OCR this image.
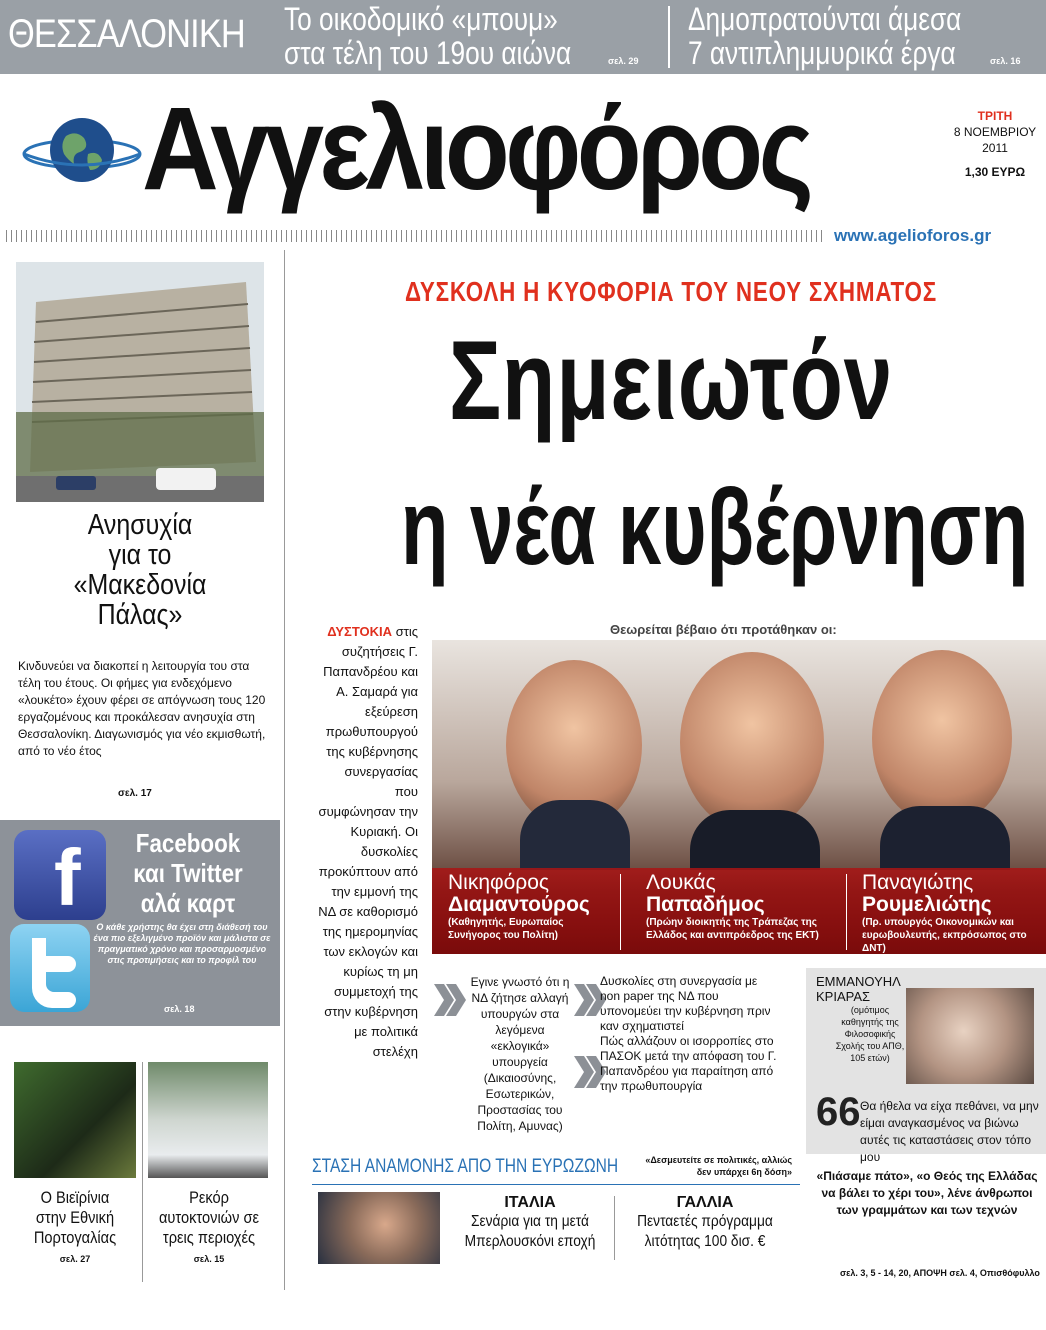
ΘΕΣΣΑΛΟΝΙΚΗ Το οικοδομικό «μπουμ»
στα τέλη του 19ου αιώνα	σελ. 29
Δημοπρατούνται άμεσα
7 αντιπλημμυρικά έργα	σελ. 16
Αγγελιοφόρος	ΤΡΙΤΗ
8 ΝΟΕΜΒΡΙΟΥ
2011
1,30 ΕΥΡΩ
www.agelioforos.gr
Ανησυχία
για το
«Μακεδονία
Πάλας»
Κινδυνεύει να διακοπεί η λειτουργία του στα τέλη του έτους. Οι φήμες για ενδεχόμενο «λουκέτο» έχουν φέρει σε απόγνωση τους 120 εργαζομένους και προκάλεσαν ανησυχία στη Θεσσαλονίκη. Διαγωνισμός για νέο εκμισθωτή, από το νέο έτος
σελ. 17
f	Facebook
και Twitter
αλά καρτ
Ο κάθε χρήστης θα έχει στη διάθεσή του ένα πιο εξελιγμένο προϊόν και μάλιστα σε πραγματικό χρόνο και προσαρμοσμένο στις προτιμήσεις και το προφίλ του
σελ. 18
Ο Βιεϊρίνια
στην Εθνική
Πορτογαλίας
σελ. 27
Ρεκόρ
αυτοκτονιών σε
τρεις περιοχές
σελ. 15
ΔΥΣΚΟΛΗ Η ΚΥΟΦΟΡΙΑ ΤΟΥ ΝΕΟΥ ΣΧΗΜΑΤΟΣ
Σημειωτόν
η νέα κυβέρνηση
ΔΥΣΤΟΚΙΑ στις συζητήσεις Γ. Παπανδρέου και Α. Σαμαρά για εξεύρεση πρωθυπουργού της κυβέρνησης συνεργασίας που συμφώνησαν την Κυριακή. Οι δυσκολίες προκύπτουν από την εμμονή της ΝΔ σε καθορισμό της ημερομηνίας των εκλογών και κυρίως τη μη συμμετοχή της στην κυβέρνηση με πολιτικά στελέχη
Θεωρείται βέβαιο ότι προτάθηκαν οι:
Νικηφόρος
Διαμαντούρος
(Καθηγητής, Ευρωπαίος Συνήγορος του Πολίτη)
Λουκάς
Παπαδήμος
(Πρώην διοικητής της Τράπεζας της Ελλάδος και αντιπρόεδρος της ΕΚΤ)
Παναγιώτης
Ρουμελιώτης
(Πρ. υπουργός Οικονομικών και ευρωβουλευτής, εκπρόσωπος στο ΔΝΤ)
Εγινε γνωστό ότι η ΝΔ ζήτησε αλλαγή υπουργών στα λεγόμενα «εκλογικά» υπουργεία (Δικαιοσύνης, Εσωτερικών, Προστασίας του Πολίτη, Αμυνας)
Δυσκολίες στη συνεργασία με non paper της ΝΔ που υπονομεύει την κυβέρνηση πριν καν σχηματιστεί
Πώς αλλάζουν οι ισορροπίες στο ΠΑΣΟΚ μετά την απόφαση του Γ. Παπανδρέου για παραίτηση από την πρωθυπουργία
ΕΜΜΑΝΟΥΗΛ
ΚΡΙΑΡΑΣ
(ομότιμος καθηγητής της Φιλοσοφικής Σχολής του ΑΠΘ, 105 ετών)
66 Θα ήθελα να είχα πεθάνει, να μην είμαι αναγκασμένος να βιώνω αυτές τις καταστάσεις στον τόπο μου
«Πιάσαμε πάτο», «ο Θεός της Ελλάδας να βάλει το χέρι του», λένε άνθρωποι των γραμμάτων και των τεχνών
ΣΤΑΣΗ ΑΝΑΜΟΝΗΣ ΑΠΟ ΤΗΝ ΕΥΡΩΖΩΝΗ	«Δεσμευτείτε σε πολιτικές, αλλιώς δεν υπάρχει 6η δόση»
ΙΤΑΛΙΑ
Σενάρια για τη μετά Μπερλουσκόνι εποχή
ΓΑΛΛΙΑ
Πενταετές πρόγραμμα λιτότητας 100 δισ. €
σελ. 3, 5 - 14, 20, ΑΠΟΨΗ σελ. 4, Οπισθόφυλλο
